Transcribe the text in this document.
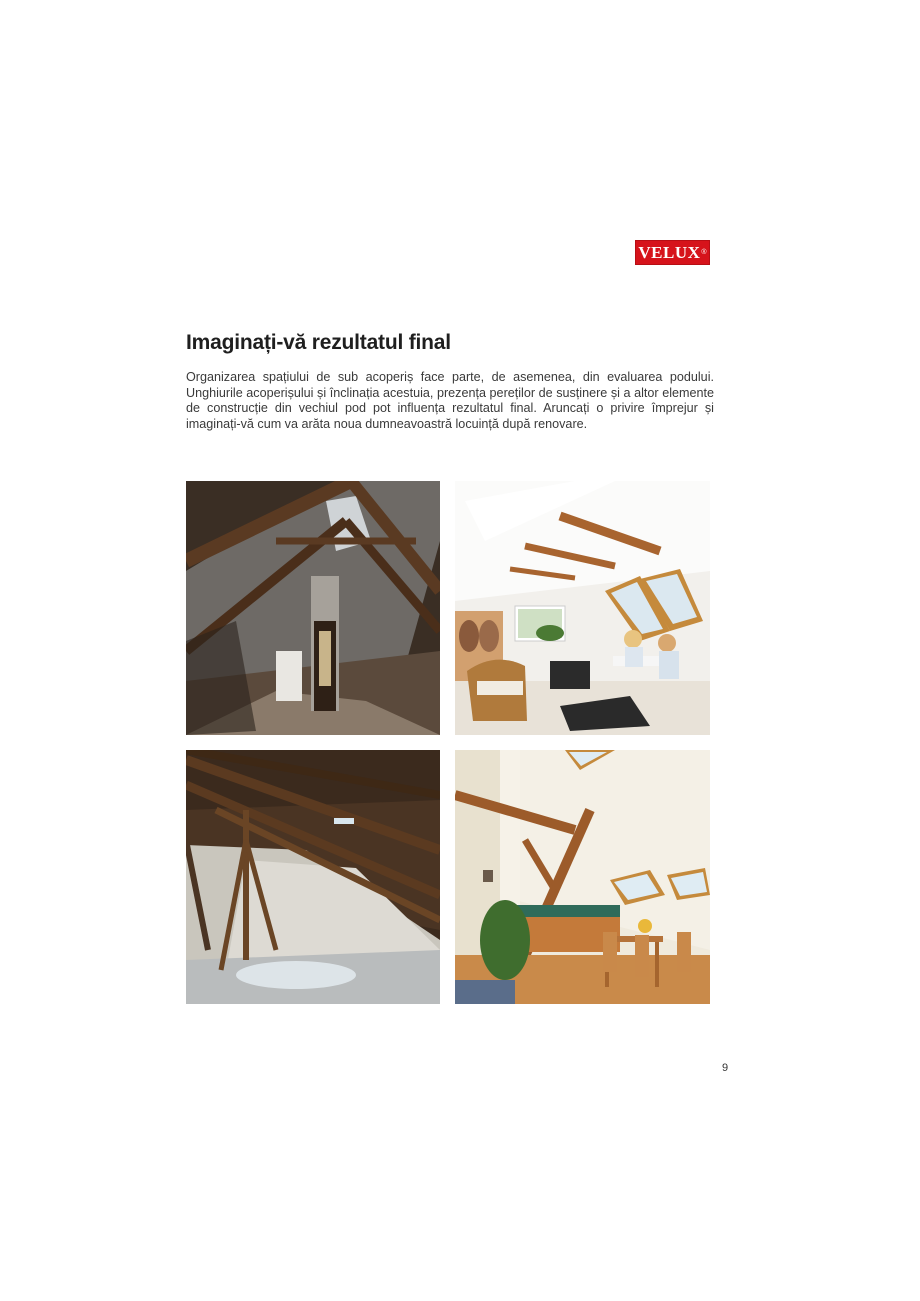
VELUX ®
Imaginați-vă rezultatul final

Organizarea spațiului de sub acoperiș face parte, de asemenea, din evaluarea podului. Unghiurile acoperișului și înclinația acestuia, prezența pereților de susținere și a altor elemente de construcție din vechiul pod pot influența rezultatul final. Aruncați o privire împrejur și imaginați-vă cum va arăta noua dumneavoastră locuință după renovare.

9
